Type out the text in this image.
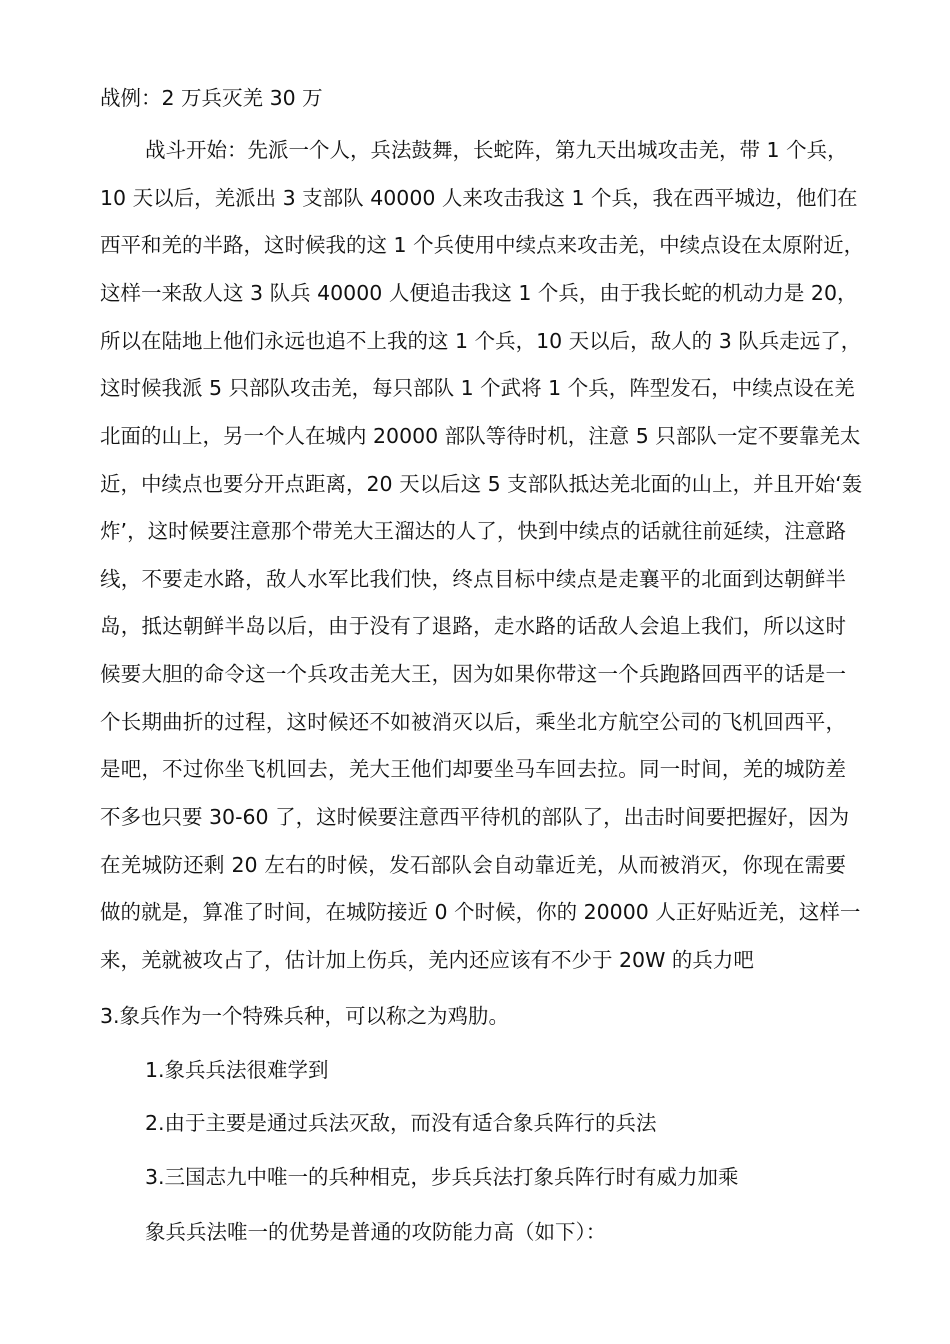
战例：2 万兵灭羌 30 万
战斗开始：先派一个人，兵法鼓舞，长蛇阵，第九天出城攻击羌，带 1 个兵，
10 天以后，羌派出 3 支部队 40000 人来攻击我这 1 个兵，我在西平城边，他们在
西平和羌的半路，这时候我的这 1 个兵使用中续点来攻击羌，中续点设在太原附近，
这样一来敌人这 3 队兵 40000 人便追击我这 1 个兵，由于我长蛇的机动力是 20，
所以在陆地上他们永远也追不上我的这 1 个兵，10 天以后，敌人的 3 队兵走远了，
这时候我派 5 只部队攻击羌，每只部队 1 个武将 1 个兵，阵型发石，中续点设在羌
北面的山上，另一个人在城内 20000 部队等待时机，注意 5 只部队一定不要靠羌太
近，中续点也要分开点距离，20 天以后这 5 支部队抵达羌北面的山上，并且开始‘轰
炸’，这时候要注意那个带羌大王溜达的人了，快到中续点的话就往前延续，注意路
线，不要走水路，敌人水军比我们快，终点目标中续点是走襄平的北面到达朝鲜半
岛，抵达朝鲜半岛以后，由于没有了退路，走水路的话敌人会追上我们，所以这时
候要大胆的命令这一个兵攻击羌大王，因为如果你带这一个兵跑路回西平的话是一
个长期曲折的过程，这时候还不如被消灭以后，乘坐北方航空公司的飞机回西平，
是吧，不过你坐飞机回去，羌大王他们却要坐马车回去拉。同一时间，羌的城防差
不多也只要 30-60 了，这时候要注意西平待机的部队了，出击时间要把握好，因为
在羌城防还剩 20 左右的时候，发石部队会自动靠近羌，从而被消灭，你现在需要
做的就是，算准了时间，在城防接近 0 个时候，你的 20000 人正好贴近羌，这样一
来，羌就被攻占了，估计加上伤兵，羌内还应该有不少于 20W 的兵力吧
3.象兵作为一个特殊兵种，可以称之为鸡肋。
1.象兵兵法很难学到
2.由于主要是通过兵法灭敌，而没有适合象兵阵行的兵法
3.三国志九中唯一的兵种相克，步兵兵法打象兵阵行时有威力加乘
象兵兵法唯一的优势是普通的攻防能力高（如下）：
